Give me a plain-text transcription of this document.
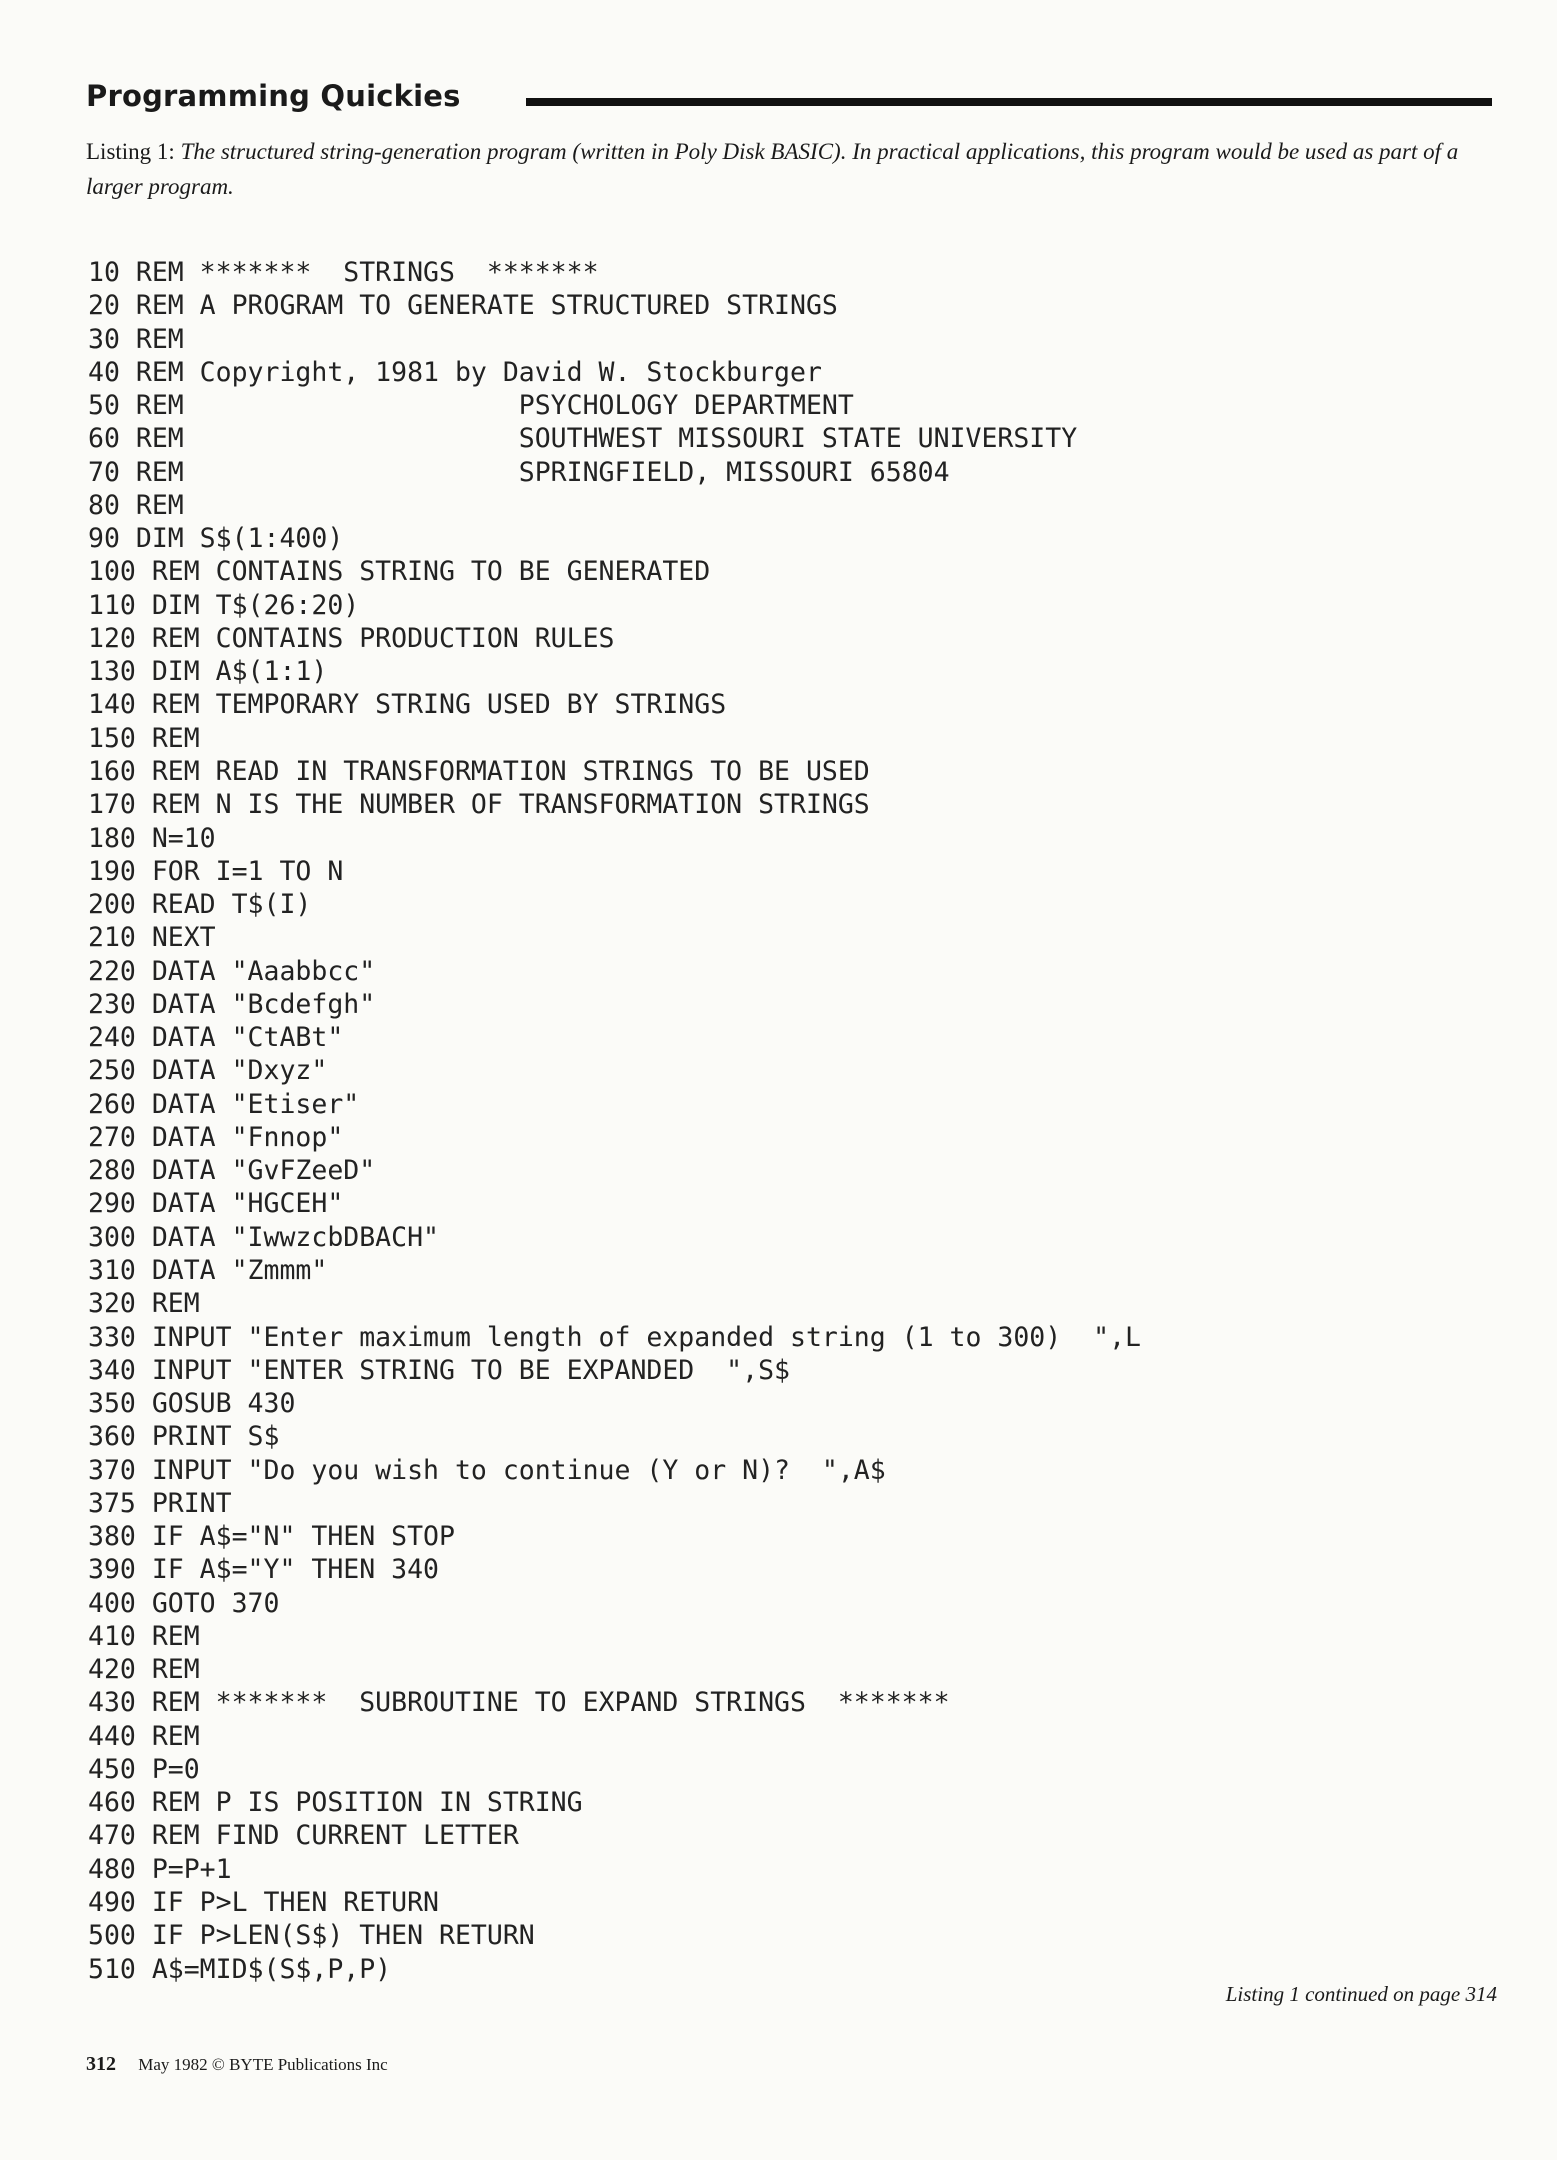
Programming Quickies
Listing 1: The structured string-generation program (written in Poly Disk BASIC). In practical applications, this program would be used as part of a larger program.
10 REM *******  STRINGS  *******
20 REM A PROGRAM TO GENERATE STRUCTURED STRINGS
30 REM
40 REM Copyright, 1981 by David W. Stockburger
50 REM                     PSYCHOLOGY DEPARTMENT
60 REM                     SOUTHWEST MISSOURI STATE UNIVERSITY
70 REM                     SPRINGFIELD, MISSOURI 65804
80 REM
90 DIM S$(1:400)
100 REM CONTAINS STRING TO BE GENERATED
110 DIM T$(26:20)
120 REM CONTAINS PRODUCTION RULES
130 DIM A$(1:1)
140 REM TEMPORARY STRING USED BY STRINGS
150 REM
160 REM READ IN TRANSFORMATION STRINGS TO BE USED
170 REM N IS THE NUMBER OF TRANSFORMATION STRINGS
180 N=10
190 FOR I=1 TO N
200 READ T$(I)
210 NEXT
220 DATA "Aaabbcc"
230 DATA "Bcdefgh"
240 DATA "CtABt"
250 DATA "Dxyz"
260 DATA "Etiser"
270 DATA "Fnnop"
280 DATA "GvFZeeD"
290 DATA "HGCEH"
300 DATA "IwwzcbDBACH"
310 DATA "Zmmm"
320 REM
330 INPUT "Enter maximum length of expanded string (1 to 300)  ",L
340 INPUT "ENTER STRING TO BE EXPANDED  ",S$
350 GOSUB 430
360 PRINT S$
370 INPUT "Do you wish to continue (Y or N)?  ",A$
375 PRINT
380 IF A$="N" THEN STOP
390 IF A$="Y" THEN 340
400 GOTO 370
410 REM
420 REM
430 REM *******  SUBROUTINE TO EXPAND STRINGS  *******
440 REM
450 P=0
460 REM P IS POSITION IN STRING
470 REM FIND CURRENT LETTER
480 P=P+1
490 IF P>L THEN RETURN
500 IF P>LEN(S$) THEN RETURN
510 A$=MID$(S$,P,P)
Listing 1 continued on page 314
312 May 1982 © BYTE Publications Inc
